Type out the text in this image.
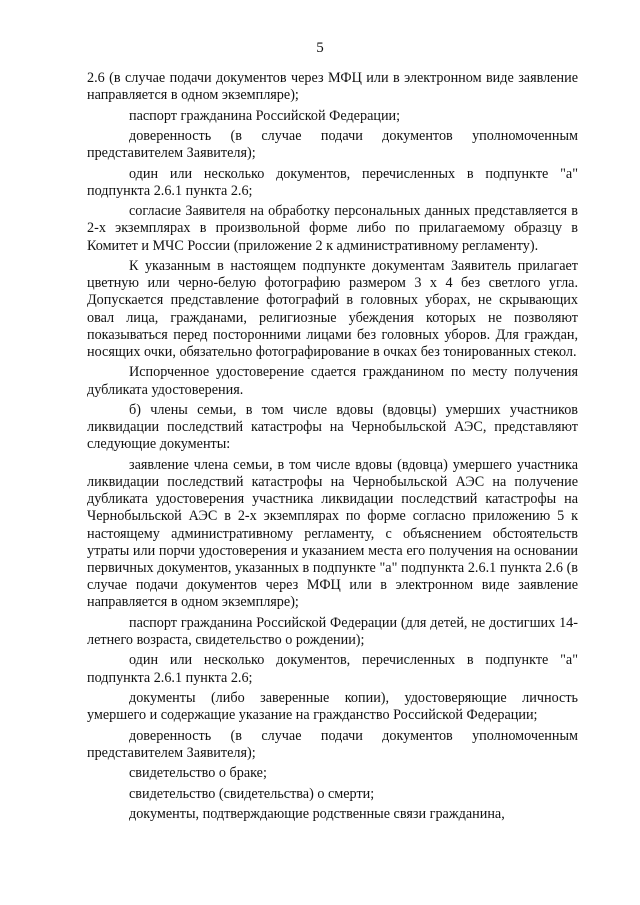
5

2.6 (в случае подачи документов через МФЦ или в электронном виде заявление направляется в одном экземпляре);

паспорт гражданина Российской Федерации;

доверенность (в случае подачи документов уполномоченным представителем Заявителя);

один или несколько документов, перечисленных в подпункте "а" подпункта 2.6.1 пункта 2.6;

согласие Заявителя на обработку персональных данных представляется в 2-х экземплярах в произвольной форме либо по прилагаемому образцу в Комитет и МЧС России (приложение 2 к административному регламенту).

К указанным в настоящем подпункте документам Заявитель прилагает цветную или черно-белую фотографию размером 3 x 4 без светлого угла. Допускается представление фотографий в головных уборах, не скрывающих овал лица, гражданами, религиозные убеждения которых не позволяют показываться перед посторонними лицами без головных уборов. Для граждан, носящих очки, обязательно фотографирование в очках без тонированных стекол.

Испорченное удостоверение сдается гражданином по месту получения дубликата удостоверения.

б) члены семьи, в том числе вдовы (вдовцы) умерших участников ликвидации последствий катастрофы на Чернобыльской АЭС, представляют следующие документы:

заявление члена семьи, в том числе вдовы (вдовца) умершего участника ликвидации последствий катастрофы на Чернобыльской АЭС на получение дубликата удостоверения участника ликвидации последствий катастрофы на Чернобыльской АЭС в 2-х экземплярах по форме согласно приложению 5 к настоящему административному регламенту, с объяснением обстоятельств утраты или порчи удостоверения и указанием места его получения на основании первичных документов, указанных в подпункте "а" подпункта 2.6.1 пункта 2.6 (в случае подачи документов через МФЦ или в электронном виде заявление направляется в одном экземпляре);

паспорт гражданина Российской Федерации (для детей, не достигших 14-летнего возраста, свидетельство о рождении);

один или несколько документов, перечисленных в подпункте "а" подпункта 2.6.1 пункта 2.6;

документы (либо заверенные копии), удостоверяющие личность умершего и содержащие указание на гражданство Российской Федерации;

доверенность (в случае подачи документов уполномоченным представителем Заявителя);

свидетельство о браке;

свидетельство (свидетельства) о смерти;

документы, подтверждающие родственные связи гражданина,
